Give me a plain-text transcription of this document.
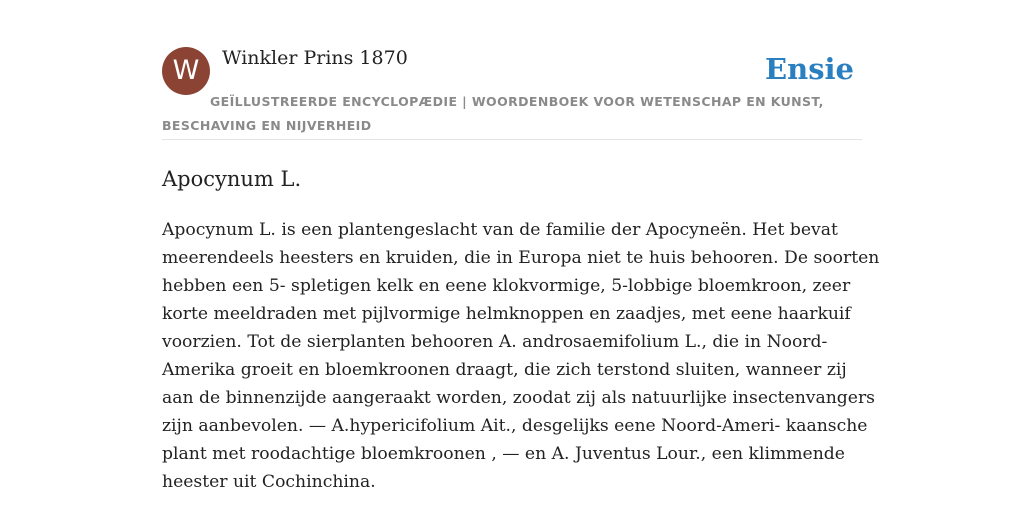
W	Winkler Prins 1870	Ensie

GEÏLLUSTREERDE ENCYCLOPÆDIE | WOORDENBOEK VOOR WETENSCHAP EN KUNST, BESCHAVING EN NIJVERHEID

Apocynum L.
Apocynum L. is een plantengeslacht van de familie der Apocyneën. Het bevat
meerendeels heesters en kruiden, die in Europa niet te huis behooren. De soorten
hebben een 5- spletigen kelk en eene klokvormige, 5-lobbige bloemkroon, zeer
korte meeldraden met pijlvormige helmknoppen en zaadjes, met eene haarkuif
voorzien. Tot de sierplanten behooren A. androsaemifolium L., die in Noord-
Amerika groeit en bloemkroonen draagt, die zich terstond sluiten, wanneer zij
aan de binnenzijde aangeraakt worden, zoodat zij als natuurlijke insectenvangers
zijn aanbevolen. — A.hypericifolium Ait., desgelijks eene Noord-Ameri- kaansche
plant met roodachtige bloemkroonen , — en A. Juventus Lour., een klimmende
heester uit Cochinchina.
